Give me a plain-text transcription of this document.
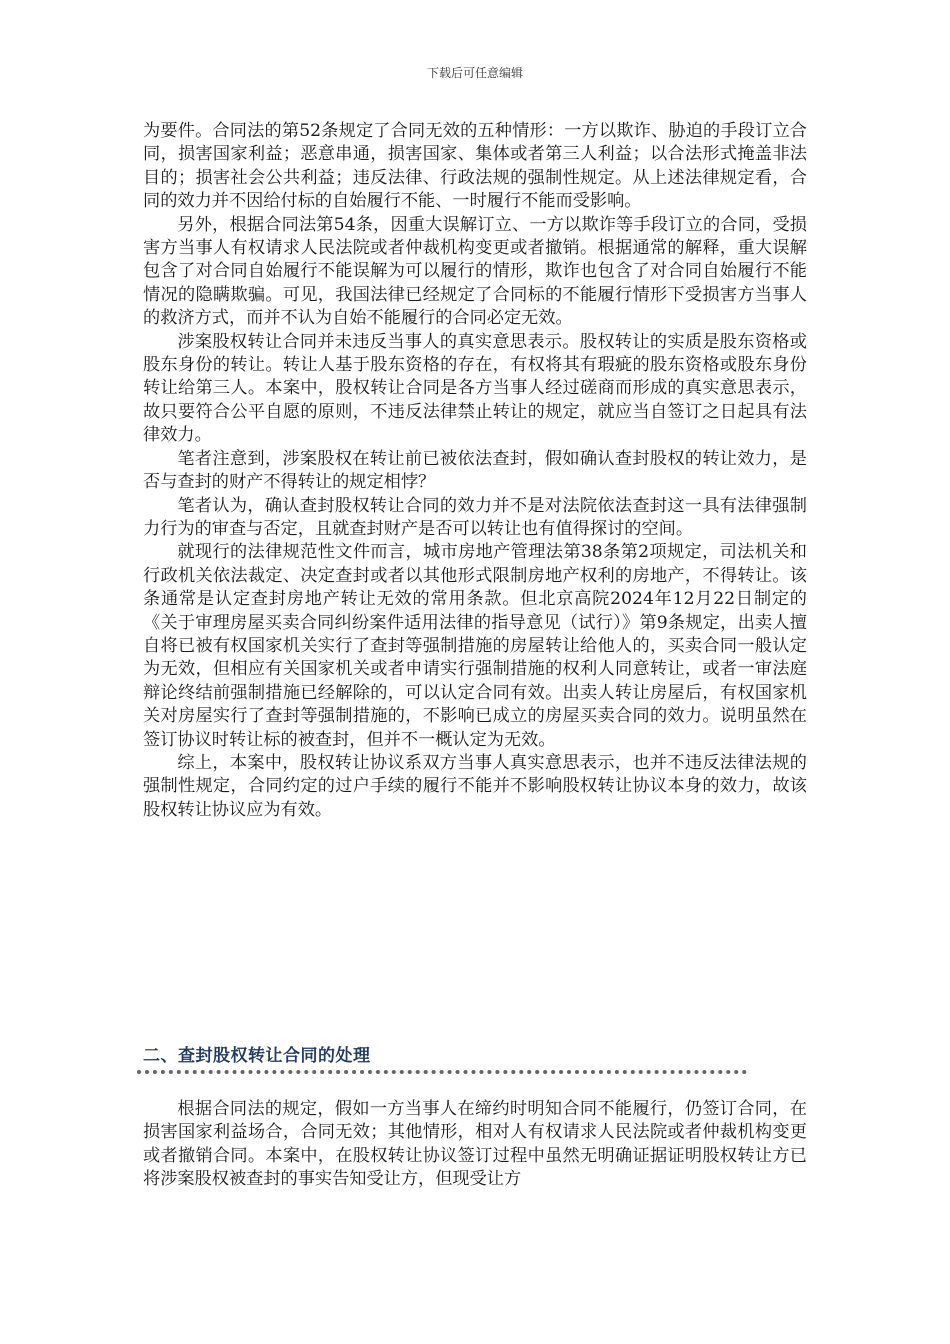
下载后可任意编辑

为要件。合同法的第52条规定了合同无效的五种情形：一方以欺诈、胁迫的手段订立合同，损害国家利益；恶意串通，损害国家、集体或者第三人利益；以合法形式掩盖非法目的；损害社会公共利益；违反法律、行政法规的强制性规定。从上述法律规定看，合同的效力并不因给付标的自始履行不能、一时履行不能而受影响。

另外，根据合同法第54条，因重大误解订立、一方以欺诈等手段订立的合同，受损害方当事人有权请求人民法院或者仲裁机构变更或者撤销。根据通常的解释，重大误解包含了对合同自始履行不能误解为可以履行的情形，欺诈也包含了对合同自始履行不能情况的隐瞒欺骗。可见，我国法律已经规定了合同标的不能履行情形下受损害方当事人的救济方式，而并不认为自始不能履行的合同必定无效。

涉案股权转让合同并未违反当事人的真实意思表示。股权转让的实质是股东资格或股东身份的转让。转让人基于股东资格的存在，有权将其有瑕疵的股东资格或股东身份转让给第三人。本案中，股权转让合同是各方当事人经过磋商而形成的真实意思表示，故只要符合公平自愿的原则，不违反法律禁止转让的规定，就应当自签订之日起具有法律效力。

笔者注意到，涉案股权在转让前已被依法查封，假如确认查封股权的转让效力，是否与查封的财产不得转让的规定相悖？

笔者认为，确认查封股权转让合同的效力并不是对法院依法查封这一具有法律强制力行为的审查与否定，且就查封财产是否可以转让也有值得探讨的空间。

就现行的法律规范性文件而言，城市房地产管理法第38条第2项规定，司法机关和行政机关依法裁定、决定查封或者以其他形式限制房地产权利的房地产，不得转让。该条通常是认定查封房地产转让无效的常用条款。但北京高院2024年12月22日制定的《关于审理房屋买卖合同纠纷案件适用法律的指导意见（试行）》第9条规定，出卖人擅自将已被有权国家机关实行了查封等强制措施的房屋转让给他人的，买卖合同一般认定为无效，但相应有关国家机关或者申请实行强制措施的权利人同意转让，或者一审法庭辩论终结前强制措施已经解除的，可以认定合同有效。出卖人转让房屋后，有权国家机关对房屋实行了查封等强制措施的，不影响已成立的房屋买卖合同的效力。说明虽然在签订协议时转让标的被查封，但并不一概认定为无效。

综上，本案中，股权转让协议系双方当事人真实意思表示，也并不违反法律法规的强制性规定，合同约定的过户手续的履行不能并不影响股权转让协议本身的效力，故该股权转让协议应为有效。

二、查封股权转让合同的处理

根据合同法的规定，假如一方当事人在缔约时明知合同不能履行，仍签订合同，在损害国家利益场合，合同无效；其他情形，相对人有权请求人民法院或者仲裁机构变更或者撤销合同。本案中，在股权转让协议签订过程中虽然无明确证据证明股权转让方已将涉案股权被查封的事实告知受让方，但现受让方
